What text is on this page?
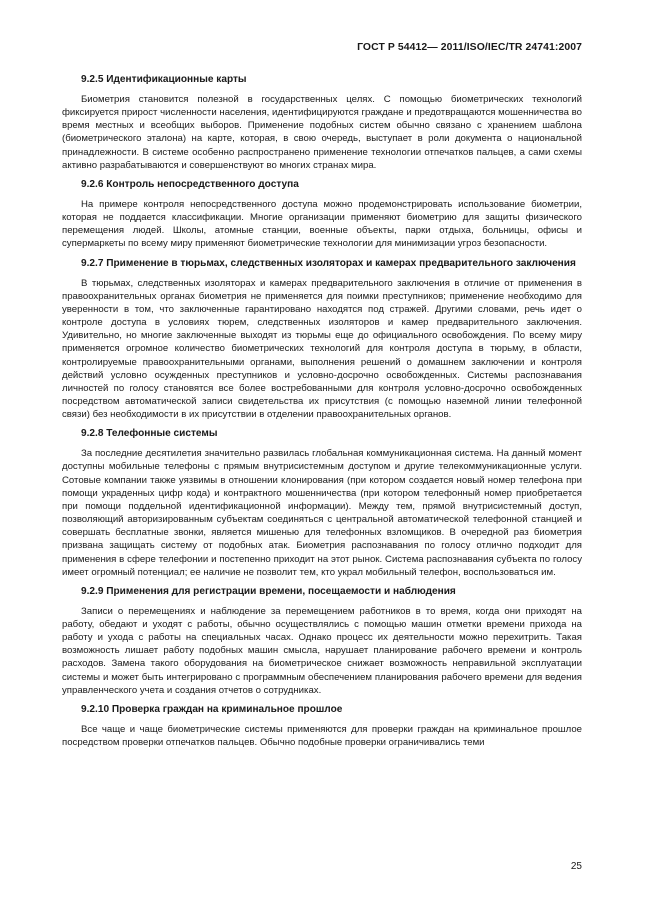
ГОСТ Р 54412— 2011/ISO/IEC/TR 24741:2007
9.2.5 Идентификационные карты

Биометрия становится полезной в государственных целях. С помощью биометрических технологий фиксируется прирост численности населения, идентифицируются граждане и предотвращаются мошенничества во время местных и всеобщих выборов. Применение подобных систем обычно связано с хранением шаблона (биометрического эталона) на карте, которая, в свою очередь, выступает в роли документа о национальной принадлежности. В системе особенно распространено применение технологии отпечатков пальцев, а сами схемы активно разрабатываются и совершенствуют во многих странах мира.

9.2.6 Контроль непосредственного доступа

На примере контроля непосредственного доступа можно продемонстрировать использование биометрии, которая не поддается классификации. Многие организации применяют биометрию для защиты физического перемещения людей. Школы, атомные станции, военные объекты, парки отдыха, больницы, офисы и супермаркеты по всему миру применяют биометрические технологии для минимизации угроз безопасности.

9.2.7 Применение в тюрьмах, следственных изоляторах и камерах предварительного заключения

В тюрьмах, следственных изоляторах и камерах предварительного заключения в отличие от применения в правоохранительных органах биометрия не применяется для поимки преступников; применение необходимо для уверенности в том, что заключенные гарантировано находятся под стражей. Другими словами, речь идет о контроле доступа в условиях тюрем, следственных изоляторов и камер предварительного заключения. Удивительно, но многие заключенные выходят из тюрьмы еще до официального освобождения. По всему миру применяется огромное количество биометрических технологий для контроля доступа в тюрьму, в области, контролируемые правоохранительными органами, выполнения решений о домашнем заключении и контроля действий условно осужденных преступников и условно-досрочно освобожденных. Системы распознавания личностей по голосу становятся все более востребованными для контроля условно-досрочно освобожденных посредством автоматической записи свидетельства их присутствия (с помощью наземной линии телефонной связи) без необходимости в их присутствии в отделении правоохранительных органов.

9.2.8 Телефонные системы

За последние десятилетия значительно развилась глобальная коммуникационная система. На данный момент доступны мобильные телефоны с прямым внутрисистемным доступом и другие телекоммуникационные услуги. Сотовые компании также уязвимы в отношении клонирования (при котором создается новый номер телефона при помощи украденных цифр кода) и контрактного мошенничества (при котором телефонный номер приобретается при помощи поддельной идентификационной информации). Между тем, прямой внутрисистемный доступ, позволяющий авторизированным субъектам соединяться с центральной автоматической телефонной станцией и совершать бесплатные звонки, является мишенью для телефонных взломщиков. В очередной раз биометрия призвана защищать систему от подобных атак. Биометрия распознавания по голосу отлично подходит для применения в сфере телефонии и постепенно приходит на этот рынок. Система распознавания субъекта по голосу имеет огромный потенциал; ее наличие не позволит тем, кто украл мобильный телефон, воспользоваться им.

9.2.9 Применения для регистрации времени, посещаемости и наблюдения

Записи о перемещениях и наблюдение за перемещением работников в то время, когда они приходят на работу, обедают и уходят с работы, обычно осуществлялись с помощью машин отметки времени прихода на работу и ухода с работы на специальных часах. Однако процесс их деятельности можно перехитрить. Такая возможность лишает работу подобных машин смысла, нарушает планирование рабочего времени и контроль расходов. Замена такого оборудования на биометрическое снижает возможность неправильной эксплуатации системы и может быть интегрировано с программным обеспечением планирования рабочего времени для ведения управленческого учета и создания отчетов о сотрудниках.

9.2.10 Проверка граждан на криминальное прошлое

Все чаще и чаще биометрические системы применяются для проверки граждан на криминальное прошлое посредством проверки отпечатков пальцев. Обычно подобные проверки ограничивались теми

25
